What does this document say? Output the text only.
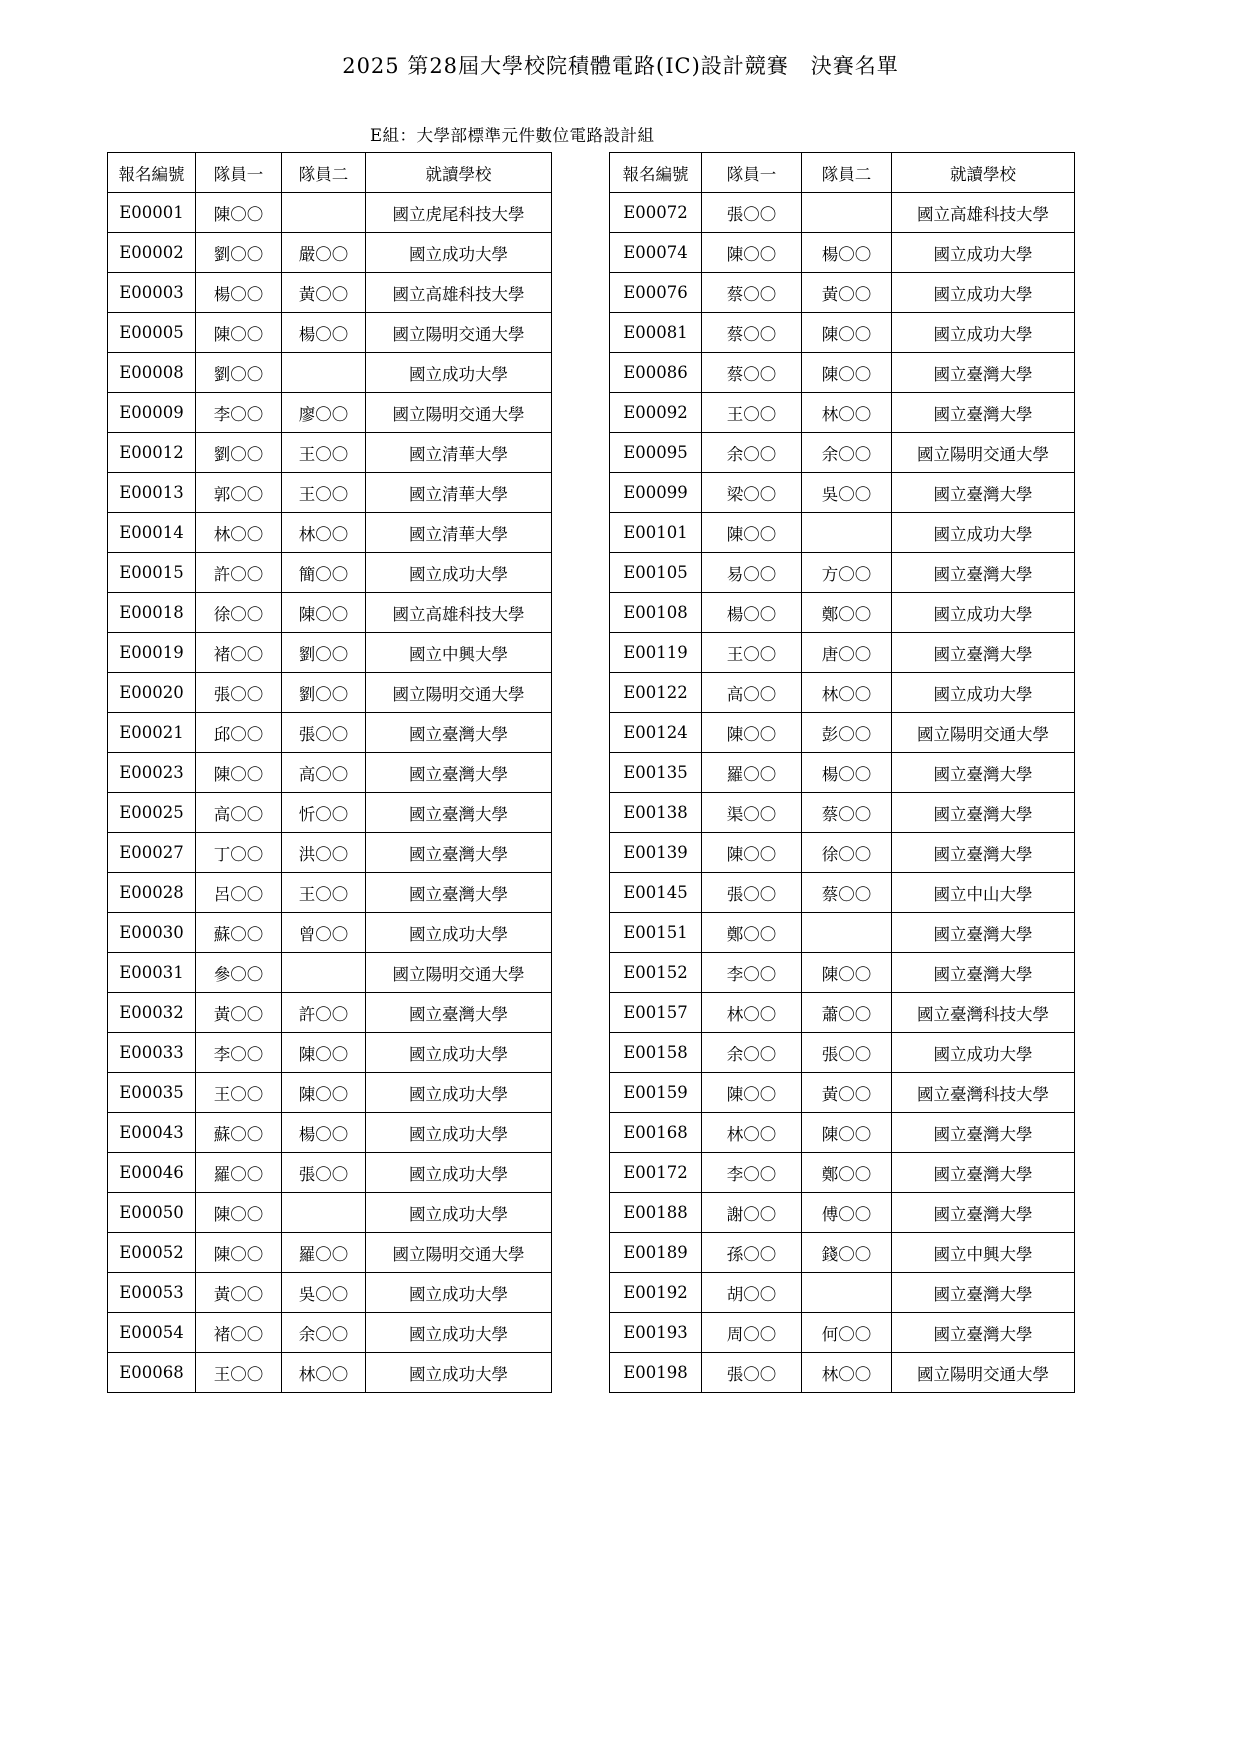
2025 第28屆大學校院積體電路(IC)設計競賽　決賽名單
E組：大學部標準元件數位電路設計組
報名編號	隊員一	隊員二	就讀學校
E00001	陳〇〇		國立虎尾科技大學
E00002	劉〇〇	嚴〇〇	國立成功大學
E00003	楊〇〇	黃〇〇	國立高雄科技大學
E00005	陳〇〇	楊〇〇	國立陽明交通大學
E00008	劉〇〇		國立成功大學
E00009	李〇〇	廖〇〇	國立陽明交通大學
E00012	劉〇〇	王〇〇	國立清華大學
E00013	郭〇〇	王〇〇	國立清華大學
E00014	林〇〇	林〇〇	國立清華大學
E00015	許〇〇	簡〇〇	國立成功大學
E00018	徐〇〇	陳〇〇	國立高雄科技大學
E00019	褚〇〇	劉〇〇	國立中興大學
E00020	張〇〇	劉〇〇	國立陽明交通大學
E00021	邱〇〇	張〇〇	國立臺灣大學
E00023	陳〇〇	高〇〇	國立臺灣大學
E00025	高〇〇	忻〇〇	國立臺灣大學
E00027	丁〇〇	洪〇〇	國立臺灣大學
E00028	呂〇〇	王〇〇	國立臺灣大學
E00030	蘇〇〇	曾〇〇	國立成功大學
E00031	參〇〇		國立陽明交通大學
E00032	黃〇〇	許〇〇	國立臺灣大學
E00033	李〇〇	陳〇〇	國立成功大學
E00035	王〇〇	陳〇〇	國立成功大學
E00043	蘇〇〇	楊〇〇	國立成功大學
E00046	羅〇〇	張〇〇	國立成功大學
E00050	陳〇〇		國立成功大學
E00052	陳〇〇	羅〇〇	國立陽明交通大學
E00053	黃〇〇	吳〇〇	國立成功大學
E00054	褚〇〇	余〇〇	國立成功大學
E00068	王〇〇	林〇〇	國立成功大學
報名編號	隊員一	隊員二	就讀學校
E00072	張〇〇		國立高雄科技大學
E00074	陳〇〇	楊〇〇	國立成功大學
E00076	蔡〇〇	黃〇〇	國立成功大學
E00081	蔡〇〇	陳〇〇	國立成功大學
E00086	蔡〇〇	陳〇〇	國立臺灣大學
E00092	王〇〇	林〇〇	國立臺灣大學
E00095	余〇〇	余〇〇	國立陽明交通大學
E00099	梁〇〇	吳〇〇	國立臺灣大學
E00101	陳〇〇		國立成功大學
E00105	易〇〇	方〇〇	國立臺灣大學
E00108	楊〇〇	鄭〇〇	國立成功大學
E00119	王〇〇	唐〇〇	國立臺灣大學
E00122	高〇〇	林〇〇	國立成功大學
E00124	陳〇〇	彭〇〇	國立陽明交通大學
E00135	羅〇〇	楊〇〇	國立臺灣大學
E00138	渠〇〇	蔡〇〇	國立臺灣大學
E00139	陳〇〇	徐〇〇	國立臺灣大學
E00145	張〇〇	蔡〇〇	國立中山大學
E00151	鄭〇〇		國立臺灣大學
E00152	李〇〇	陳〇〇	國立臺灣大學
E00157	林〇〇	蕭〇〇	國立臺灣科技大學
E00158	余〇〇	張〇〇	國立成功大學
E00159	陳〇〇	黃〇〇	國立臺灣科技大學
E00168	林〇〇	陳〇〇	國立臺灣大學
E00172	李〇〇	鄭〇〇	國立臺灣大學
E00188	謝〇〇	傅〇〇	國立臺灣大學
E00189	孫〇〇	錢〇〇	國立中興大學
E00192	胡〇〇		國立臺灣大學
E00193	周〇〇	何〇〇	國立臺灣大學
E00198	張〇〇	林〇〇	國立陽明交通大學
